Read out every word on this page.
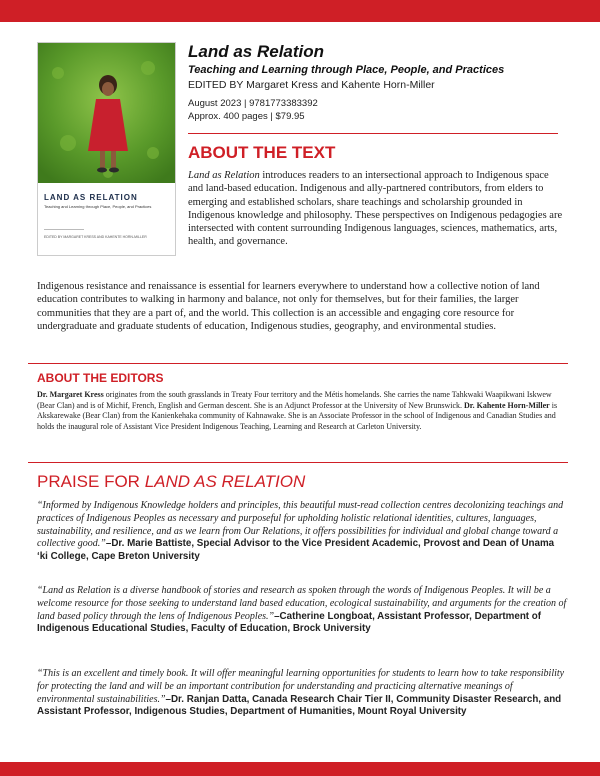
LAND AS RELATION
Teaching and Learning through Place, People, and Practices
EDITED BY MARGARET KRESS AND KAHENTE HORN-MILLER
Land as Relation
Teaching and Learning through Place, People, and Practices
EDITED BY Margaret Kress and Kahente Horn-Miller
August 2023 | 9781773383392
Approx. 400 pages | $79.95
ABOUT THE TEXT
Land as Relation introduces readers to an intersectional approach to Indigenous space and land-based education. Indigenous and ally-partnered contributors, from elders to emerging and established scholars, share teachings and scholarship grounded in Indigenous knowledge and philosophy. These perspectives on Indigenous pedagogies are intersected with content surrounding Indigenous languages, sciences, mathematics, arts, health, and governance.
Indigenous resistance and renaissance is essential for learners everywhere to understand how a collective notion of land education contributes to walking in harmony and balance, not only for themselves, but for their families, the larger communities that they are a part of, and the world. This collection is an accessible and engaging core resource for undergraduate and graduate students of education, Indigenous studies, geography, and environmental studies.
ABOUT THE EDITORS
Dr. Margaret Kress originates from the south grasslands in Treaty Four territory and the Métis homelands. She carries the name Tahkwaki Waapikwani Iskwew (Bear Clan) and is of Michif, French, English and German descent. She is an Adjunct Professor at the University of New Brunswick. Dr. Kahente Horn-Miller is Akskarewake (Bear Clan) from the Kanienkehaka community of Kahnawake. She is an Associate Professor in the school of Indigenous and Canadian Studies and holds the inaugural role of Assistant Vice President Indigenous Teaching, Learning and Research at Carleton University.
PRAISE FOR LAND AS RELATION
“Informed by Indigenous Knowledge holders and principles, this beautiful must-read collection centres decolonizing teachings and practices of Indigenous Peoples as necessary and purposeful for upholding holistic relational identities, cultures, languages, sustainability, and resilience, and as we learn from Our Relations, it offers possibilities for individual and global change toward a collective good.”–Dr. Marie Battiste, Special Advisor to the Vice President Academic, Provost and Dean of Unama ‘ki College, Cape Breton University
“Land as Relation is a diverse handbook of stories and research as spoken through the words of Indigenous Peoples. It will be a welcome resource for those seeking to understand land based education, ecological sustainability, and arguments for the creation of land based policy through the lens of Indigenous Peoples.”–Catherine Longboat, Assistant Professor, Department of Indigenous Educational Studies, Faculty of Education, Brock University
“This is an excellent and timely book. It will offer meaningful learning opportunities for students to learn how to take responsibility for protecting the land and will be an important contribution for understanding and practicing alternative meanings of environmental sustainabilities.”–Dr. Ranjan Datta, Canada Research Chair Tier II, Community Disaster Research, and Assistant Professor, Indigenous Studies, Department of Humanities, Mount Royal University
